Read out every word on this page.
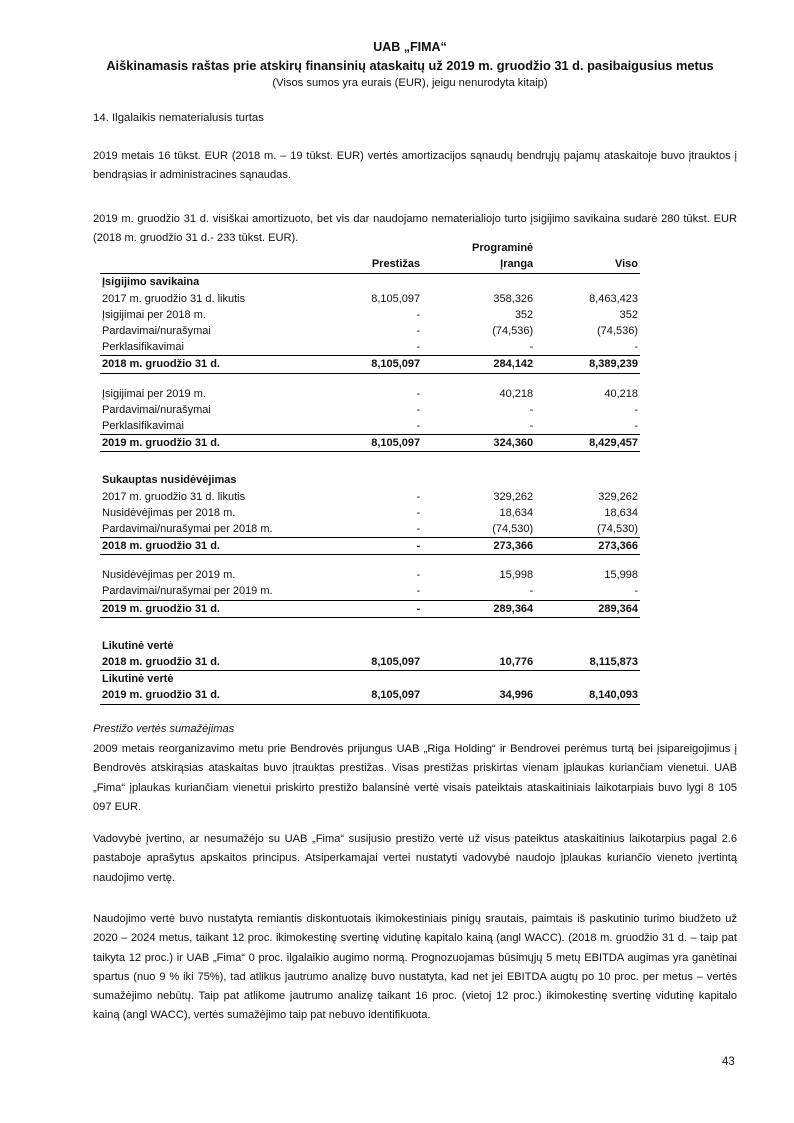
UAB „FIMA“
Aiškinamasis raštas prie atskirų finansinių ataskaitų už 2019 m. gruodžio 31 d. pasibaigusius metus
(Visos sumos yra eurais (EUR), jeigu nenurodyta kitaip)
14. Ilgalaikis nematerialusis turtas
2019 metais 16 tūkst. EUR (2018 m. – 19 tūkst. EUR) vertės amortizacijos sąnaudų bendrųjų pajamų ataskaitoje buvo įtrauktos į bendrąsias ir administracines sąnaudas.
2019 m. gruodžio 31 d. visiškai amortizuoto, bet vis dar naudojamo nematerialiojo turto įsigijimo savikaina sudarė 280 tūkst. EUR (2018 m. gruodžio 31 d.- 233 tūkst. EUR).
		Programinė	
	Prestižas	Įranga	Viso
Įsigijimo savikaina			
2017 m. gruodžio 31 d. likutis	8,105,097	358,326	8,463,423
Įsigijimai per 2018 m.	-	352	352
Pardavimai/nurašymai	-	(74,536)	(74,536)
Perklasifikavimai	-	-	-
2018 m. gruodžio 31 d.	8,105,097	284,142	8,389,239

Įsigijimai per 2019 m.	-	40,218	40,218
Pardavimai/nurašymai	-	-	-
Perklasifikavimai	-	-	-
2019 m. gruodžio 31 d.	8,105,097	324,360	8,429,457

Sukauptas nusidėvėjimas			
2017 m. gruodžio 31 d. likutis	-	329,262	329,262
Nusidėvėjimas per 2018 m.	-	18,634	18,634
Pardavimai/nurašymai per 2018 m.	-	(74,530)	(74,530)
2018 m. gruodžio 31 d.	-	273,366	273,366

Nusidėvėjimas per 2019 m.	-	15,998	15,998
Pardavimai/nurašymai per 2019 m.	-	-	-
2019 m. gruodžio 31 d.	-	289,364	289,364

Likutinė vertė			
2018 m. gruodžio 31 d.	8,105,097	10,776	8,115,873
Likutinė vertė			
2019 m. gruodžio 31 d.	8,105,097	34,996	8,140,093
Prestižo vertės sumažėjimas
2009 metais reorganizavimo metu prie Bendrovės prijungus UAB „Riga Holding“ ir Bendrovei perėmus turtą bei įsipareigojimus į Bendrovės atskirąsias ataskaitas buvo įtrauktas prestižas. Visas prestižas priskirtas vienam įplaukas kuriančiam vienetui. UAB „Fima“ įplaukas kuriančiam vienetui priskirto prestižo balansinė vertė visais pateiktais ataskaitiniais laikotarpiais buvo lygi 8 105 097 EUR.
Vadovybė įvertino, ar nesumažėjo su UAB „Fima“ susijusio prestižo vertė už visus pateiktus ataskaitinius laikotarpius pagal 2.6 pastaboje aprašytus apskaitos principus. Atsiperkamajai vertei nustatyti vadovybė naudojo įplaukas kuriančio vieneto įvertintą naudojimo vertę.
Naudojimo vertė buvo nustatyta remiantis diskontuotais ikimokestiniais pinigų srautais, paimtais iš paskutinio turimo biudžeto už 2020 – 2024 metus, taikant 12 proc. ikimokestinę svertinę vidutinę kapitalo kainą (angl WACC). (2018 m. gruodžio 31 d. – taip pat taikyta 12 proc.) ir UAB „Fima“ 0 proc. ilgalaikio augimo normą. Prognozuojamas būsimųjų 5 metų EBITDA augimas yra ganėtinai spartus (nuo 9 % iki 75%), tad atlikus jautrumo analizę buvo nustatyta, kad net jei EBITDA augtų po 10 proc. per metus – vertės sumažėjimo nebūtų. Taip pat atlikome jautrumo analizę taikant 16 proc. (vietoj 12 proc.) ikimokestinę svertinę vidutinę kapitalo kainą (angl WACC), vertės sumažėjimo taip pat nebuvo identifikuota.
43
